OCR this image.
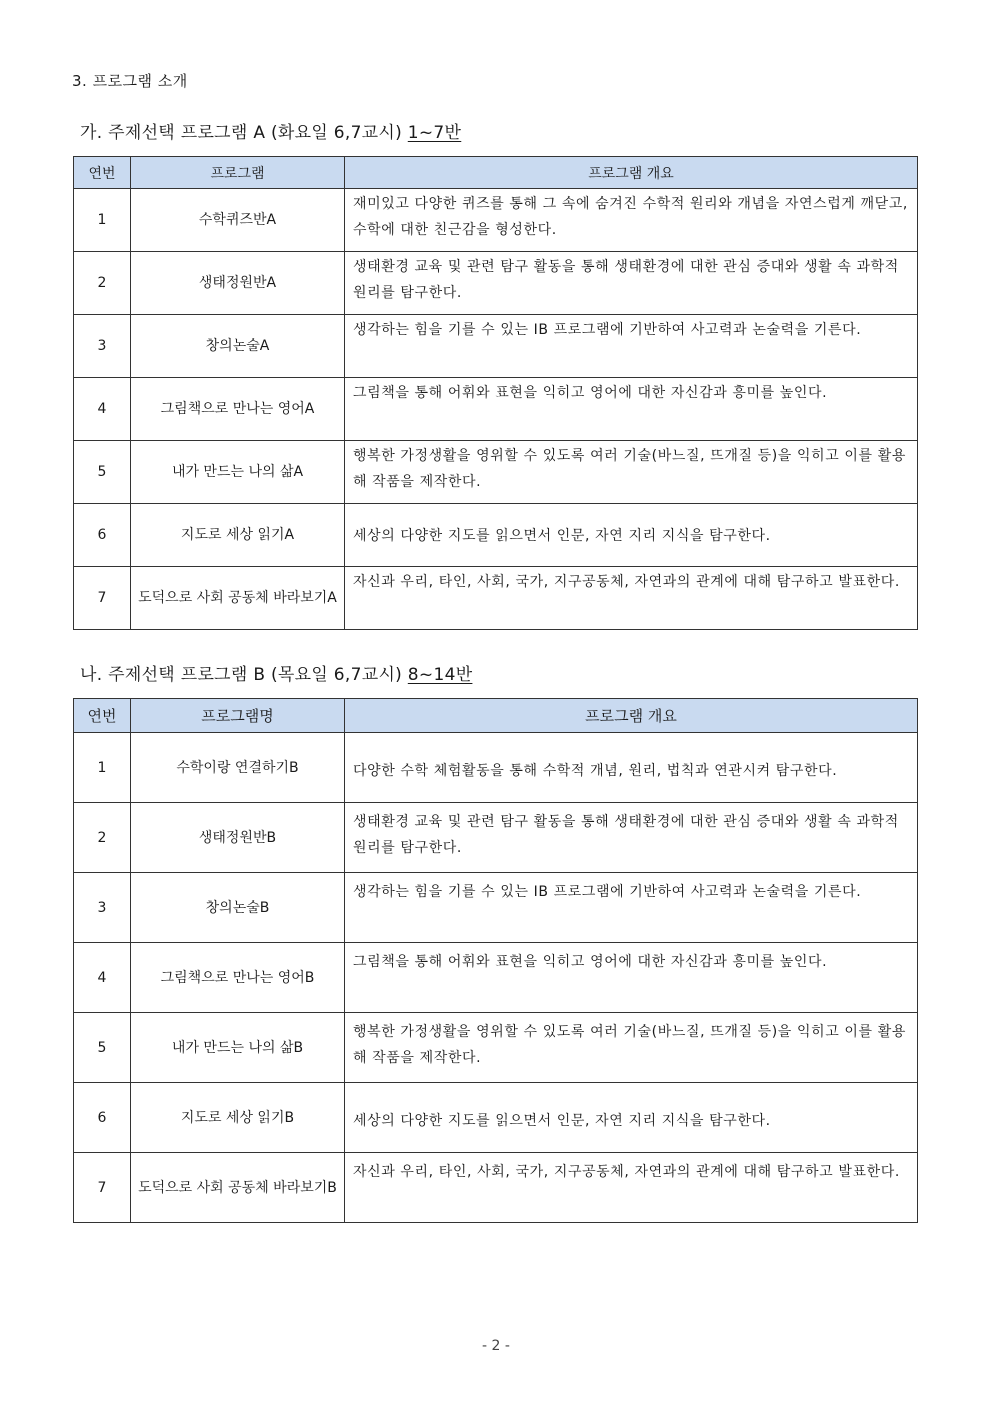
3. 프로그램 소개
가. 주제선택 프로그램 A (화요일 6,7교시) 1~7반
연번	프로그램	프로그램 개요
1	수학퀴즈반A	재미있고 다양한 퀴즈를 통해 그 속에 숨겨진 수학적 원리와 개념을 자연스럽게 깨닫고, 수학에 대한 친근감을 형성한다.
2	생태정원반A	생태환경 교육 및 관련 탐구 활동을 통해 생태환경에 대한 관심 증대와 생활 속 과학적 원리를 탐구한다.
3	창의논술A	생각하는 힘을 기를 수 있는 IB 프로그램에 기반하여 사고력과 논술력을 기른다.
4	그림책으로 만나는 영어A	그림책을 통해 어휘와 표현을 익히고 영어에 대한 자신감과 흥미를 높인다.
5	내가 만드는 나의 삶A	행복한 가정생활을 영위할 수 있도록 여러 기술(바느질, 뜨개질 등)을 익히고 이를 활용해 작품을 제작한다.
6	지도로 세상 읽기A	세상의 다양한 지도를 읽으면서 인문, 자연 지리 지식을 탐구한다.
7	도덕으로 사회 공동체 바라보기A	자신과 우리, 타인, 사회, 국가, 지구공동체, 자연과의 관계에 대해 탐구하고 발표한다.
나. 주제선택 프로그램 B (목요일 6,7교시) 8~14반
연번	프로그램명	프로그램 개요
1	수학이랑 연결하기B	다양한 수학 체험활동을 통해 수학적 개념, 원리, 법칙과 연관시켜 탐구한다.
2	생태정원반B	생태환경 교육 및 관련 탐구 활동을 통해 생태환경에 대한 관심 증대와 생활 속 과학적 원리를 탐구한다.
3	창의논술B	생각하는 힘을 기를 수 있는 IB 프로그램에 기반하여 사고력과 논술력을 기른다.
4	그림책으로 만나는 영어B	그림책을 통해 어휘와 표현을 익히고 영어에 대한 자신감과 흥미를 높인다.
5	내가 만드는 나의 삶B	행복한 가정생활을 영위할 수 있도록 여러 기술(바느질, 뜨개질 등)을 익히고 이를 활용해 작품을 제작한다.
6	지도로 세상 읽기B	세상의 다양한 지도를 읽으면서 인문, 자연 지리 지식을 탐구한다.
7	도덕으로 사회 공동체 바라보기B	자신과 우리, 타인, 사회, 국가, 지구공동체, 자연과의 관계에 대해 탐구하고 발표한다.
- 2 -
